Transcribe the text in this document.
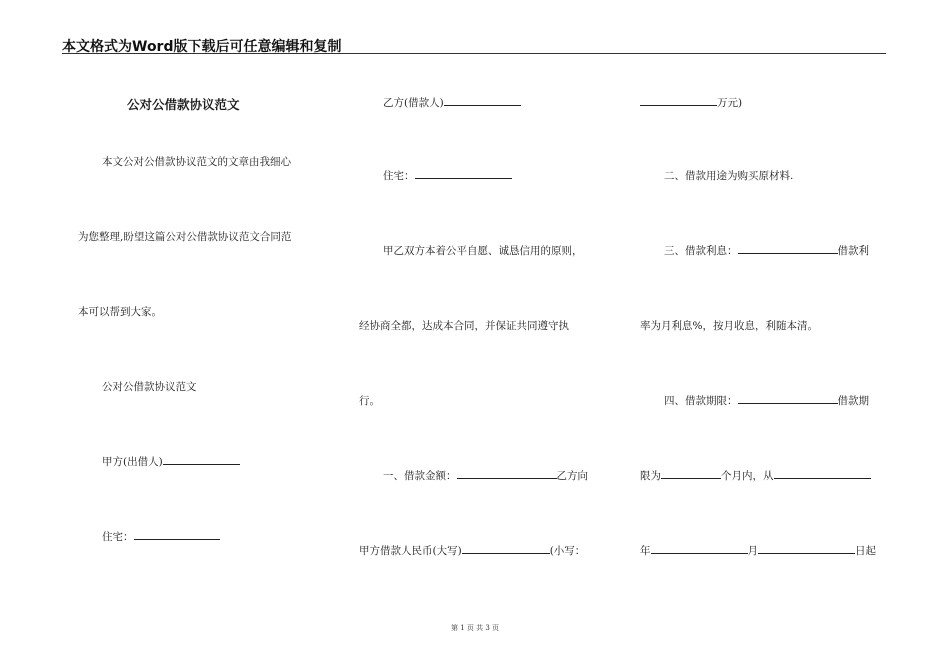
本文格式为Word版下载后可任意编辑和复制
公对公借款协议范文
本文公对公借款协议范文的文章由我细心
为您整理,盼望这篇公对公借款协议范文合同范
本可以帮到大家。
公对公借款协议范文
甲方(出借人)
住宅：
乙方(借款人)
住宅：
甲乙双方本着公平自愿、诚恳信用的原则，
经协商全都，达成本合同，并保证共同遵守执
行。
一、借款金额：	乙方向
甲方借款人民币(大写)	(小写：
万元)
二、借款用途为购买原材料.
三、借款利息：	借款利
率为月利息%，按月收息，利随本清。
四、借款期限：	借款期
限为	个月内，从
年	月	日起
第 1 页 共 3 页
